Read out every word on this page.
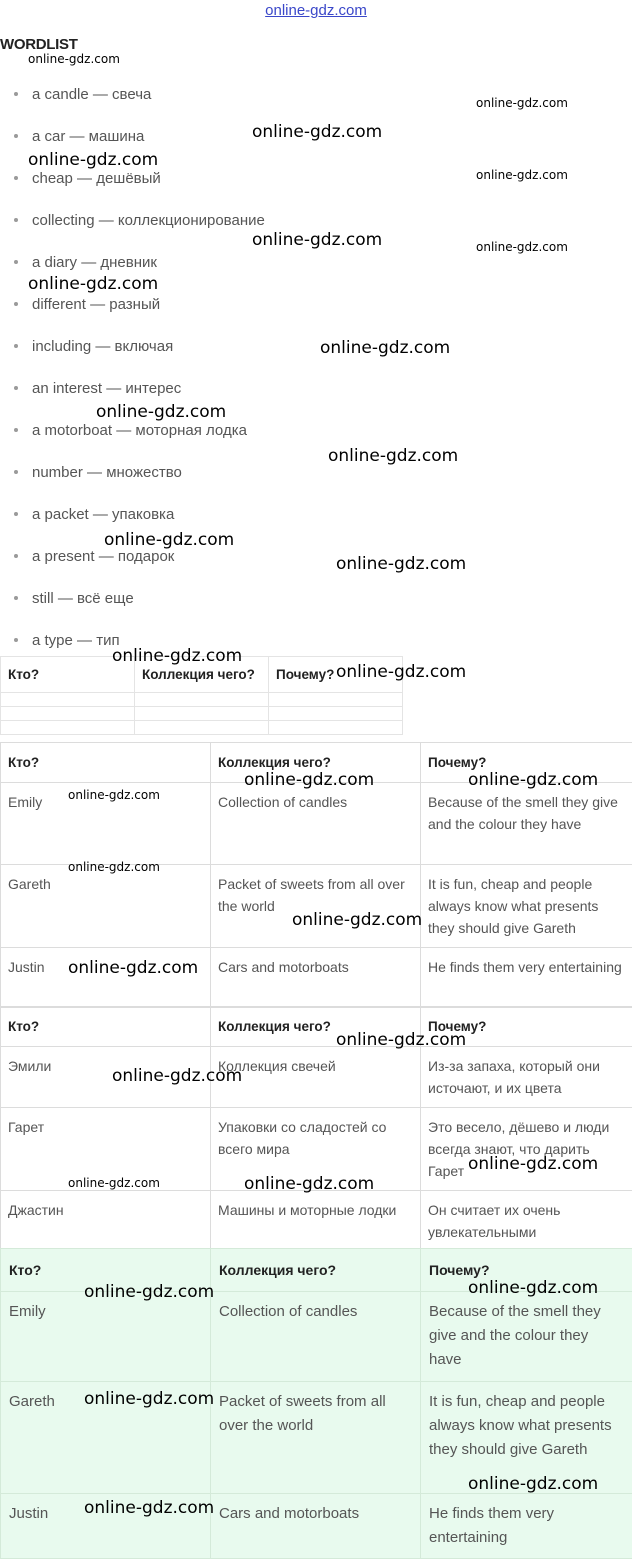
online-gdz.com
WORDLIST
a candle — свеча
a car — машина
cheap — дешёвый
collecting — коллекционирование
a diary — дневник
different — разный
including — включая
an interest — интерес
a motorboat — моторная лодка
number — множество
a packet — упаковка
a present — подарок
still — всё еще
a type — тип
Кто?	Коллекция чего?	Почему?

Кто?	Коллекция чего?	Почему?
Emily	Collection of candles	Because of the smell they give and the colour they have
Gareth	Packet of sweets from all over the world	It is fun, cheap and people always know what presents they should give Gareth
Justin	Cars and motorboats	He finds them very entertaining
Кто?	Коллекция чего?	Почему?
Эмили	Коллекция свечей	Из-за запаха, который они источают, и их цвета
Гарет	Упаковки со сладостей со всего мира	Это весело, дёшево и люди всегда знают, что дарить Гарет
Джастин	Машины и моторные лодки	Он считает их очень увлекательными
Кто?	Коллекция чего?	Почему?
Emily	Collection of candles	Because of the smell they give and the colour they have
Gareth	Packet of sweets from all over the world	It is fun, cheap and people always know what presents they should give Gareth
Justin	Cars and motorboats	He finds them very entertaining
online-gdz.com
online-gdz.com
online-gdz.com
online-gdz.com
online-gdz.com
online-gdz.com	online-gdz.com
online-gdz.com
online-gdz.com
online-gdz.com
online-gdz.com
online-gdz.com
online-gdz.com
online-gdz.com
online-gdz.com
online-gdz.com	online-gdz.com
online-gdz.com
online-gdz.com
online-gdz.com
online-gdz.com
online-gdz.com
online-gdz.com
online-gdz.com
online-gdz.com	online-gdz.com
online-gdz.com
online-gdz.com
online-gdz.com
online-gdz.com
online-gdz.com
